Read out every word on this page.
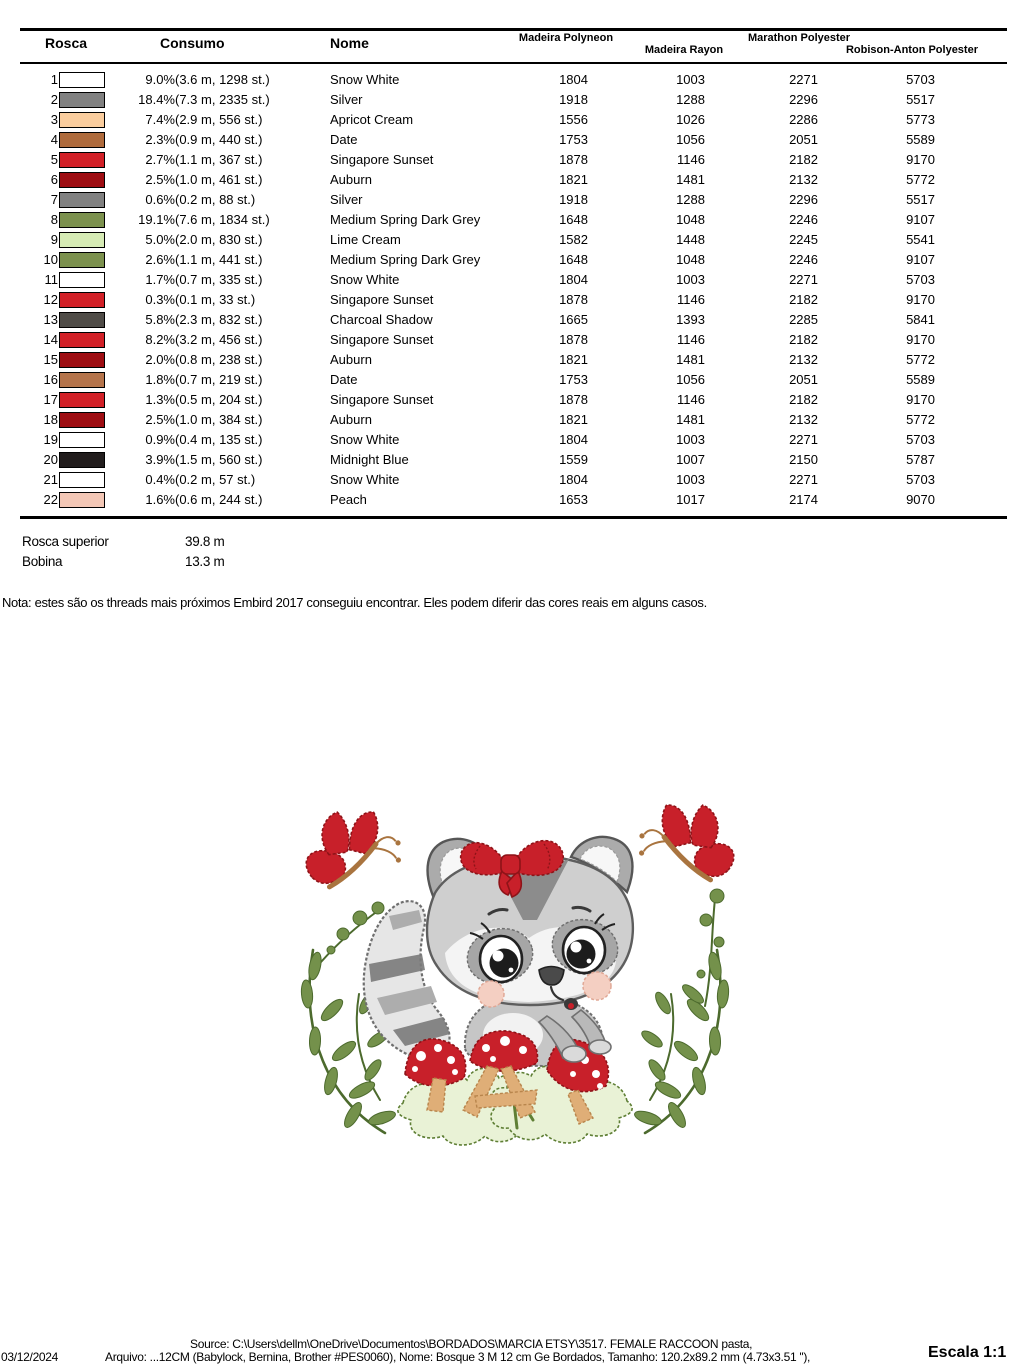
Rosca	Consumo	Nome	Madeira Polyneon
Madeira Rayon
Marathon Polyester
Robison-Anton Polyester
1	9.0% (3.6 m, 1298 st.)	Snow White	1804	1003	2271	5703
2	18.4% (7.3 m, 2335 st.)	Silver	1918	1288	2296	5517
3	7.4% (2.9 m, 556 st.)	Apricot Cream	1556	1026	2286	5773
4	2.3% (0.9 m, 440 st.)	Date	1753	1056	2051	5589
5	2.7% (1.1 m, 367 st.)	Singapore Sunset	1878	1146	2182	9170
6	2.5% (1.0 m, 461 st.)	Auburn	1821	1481	2132	5772
7	0.6% (0.2 m, 88 st.)	Silver	1918	1288	2296	5517
8	19.1% (7.6 m, 1834 st.)	Medium Spring Dark Grey	1648	1048	2246	9107
9	5.0% (2.0 m, 830 st.)	Lime Cream	1582	1448	2245	5541
10	2.6% (1.1 m, 441 st.)	Medium Spring Dark Grey	1648	1048	2246	9107
11	1.7% (0.7 m, 335 st.)	Snow White	1804	1003	2271	5703
12	0.3% (0.1 m, 33 st.)	Singapore Sunset	1878	1146	2182	9170
13	5.8% (2.3 m, 832 st.)	Charcoal Shadow	1665	1393	2285	5841
14	8.2% (3.2 m, 456 st.)	Singapore Sunset	1878	1146	2182	9170
15	2.0% (0.8 m, 238 st.)	Auburn	1821	1481	2132	5772
16	1.8% (0.7 m, 219 st.)	Date	1753	1056	2051	5589
17	1.3% (0.5 m, 204 st.)	Singapore Sunset	1878	1146	2182	9170
18	2.5% (1.0 m, 384 st.)	Auburn	1821	1481	2132	5772
19	0.9% (0.4 m, 135 st.)	Snow White	1804	1003	2271	5703
20	3.9% (1.5 m, 560 st.)	Midnight Blue	1559	1007	2150	5787
21	0.4% (0.2 m, 57 st.)	Snow White	1804	1003	2271	5703
22	1.6% (0.6 m, 244 st.)	Peach	1653	1017	2174	9070
Rosca superior	39.8 m
Bobina	13.3 m
Nota: estes são os threads mais próximos Embird 2017 conseguiu encontrar. Eles podem diferir das cores reais em alguns casos.
Source: C:\Users\dellm\OneDrive\Documentos\BORDADOS\MARCIA ETSY\3517. FEMALE RACCOON pasta,
03/12/2024	Arquivo: ...12CM (Babylock, Bernina, Brother #PES0060), Nome: Bosque 3 M 12 cm Ge Bordados, Tamanho: 120.2x89.2 mm (4.73x3.51 ''),	Escala 1:1
